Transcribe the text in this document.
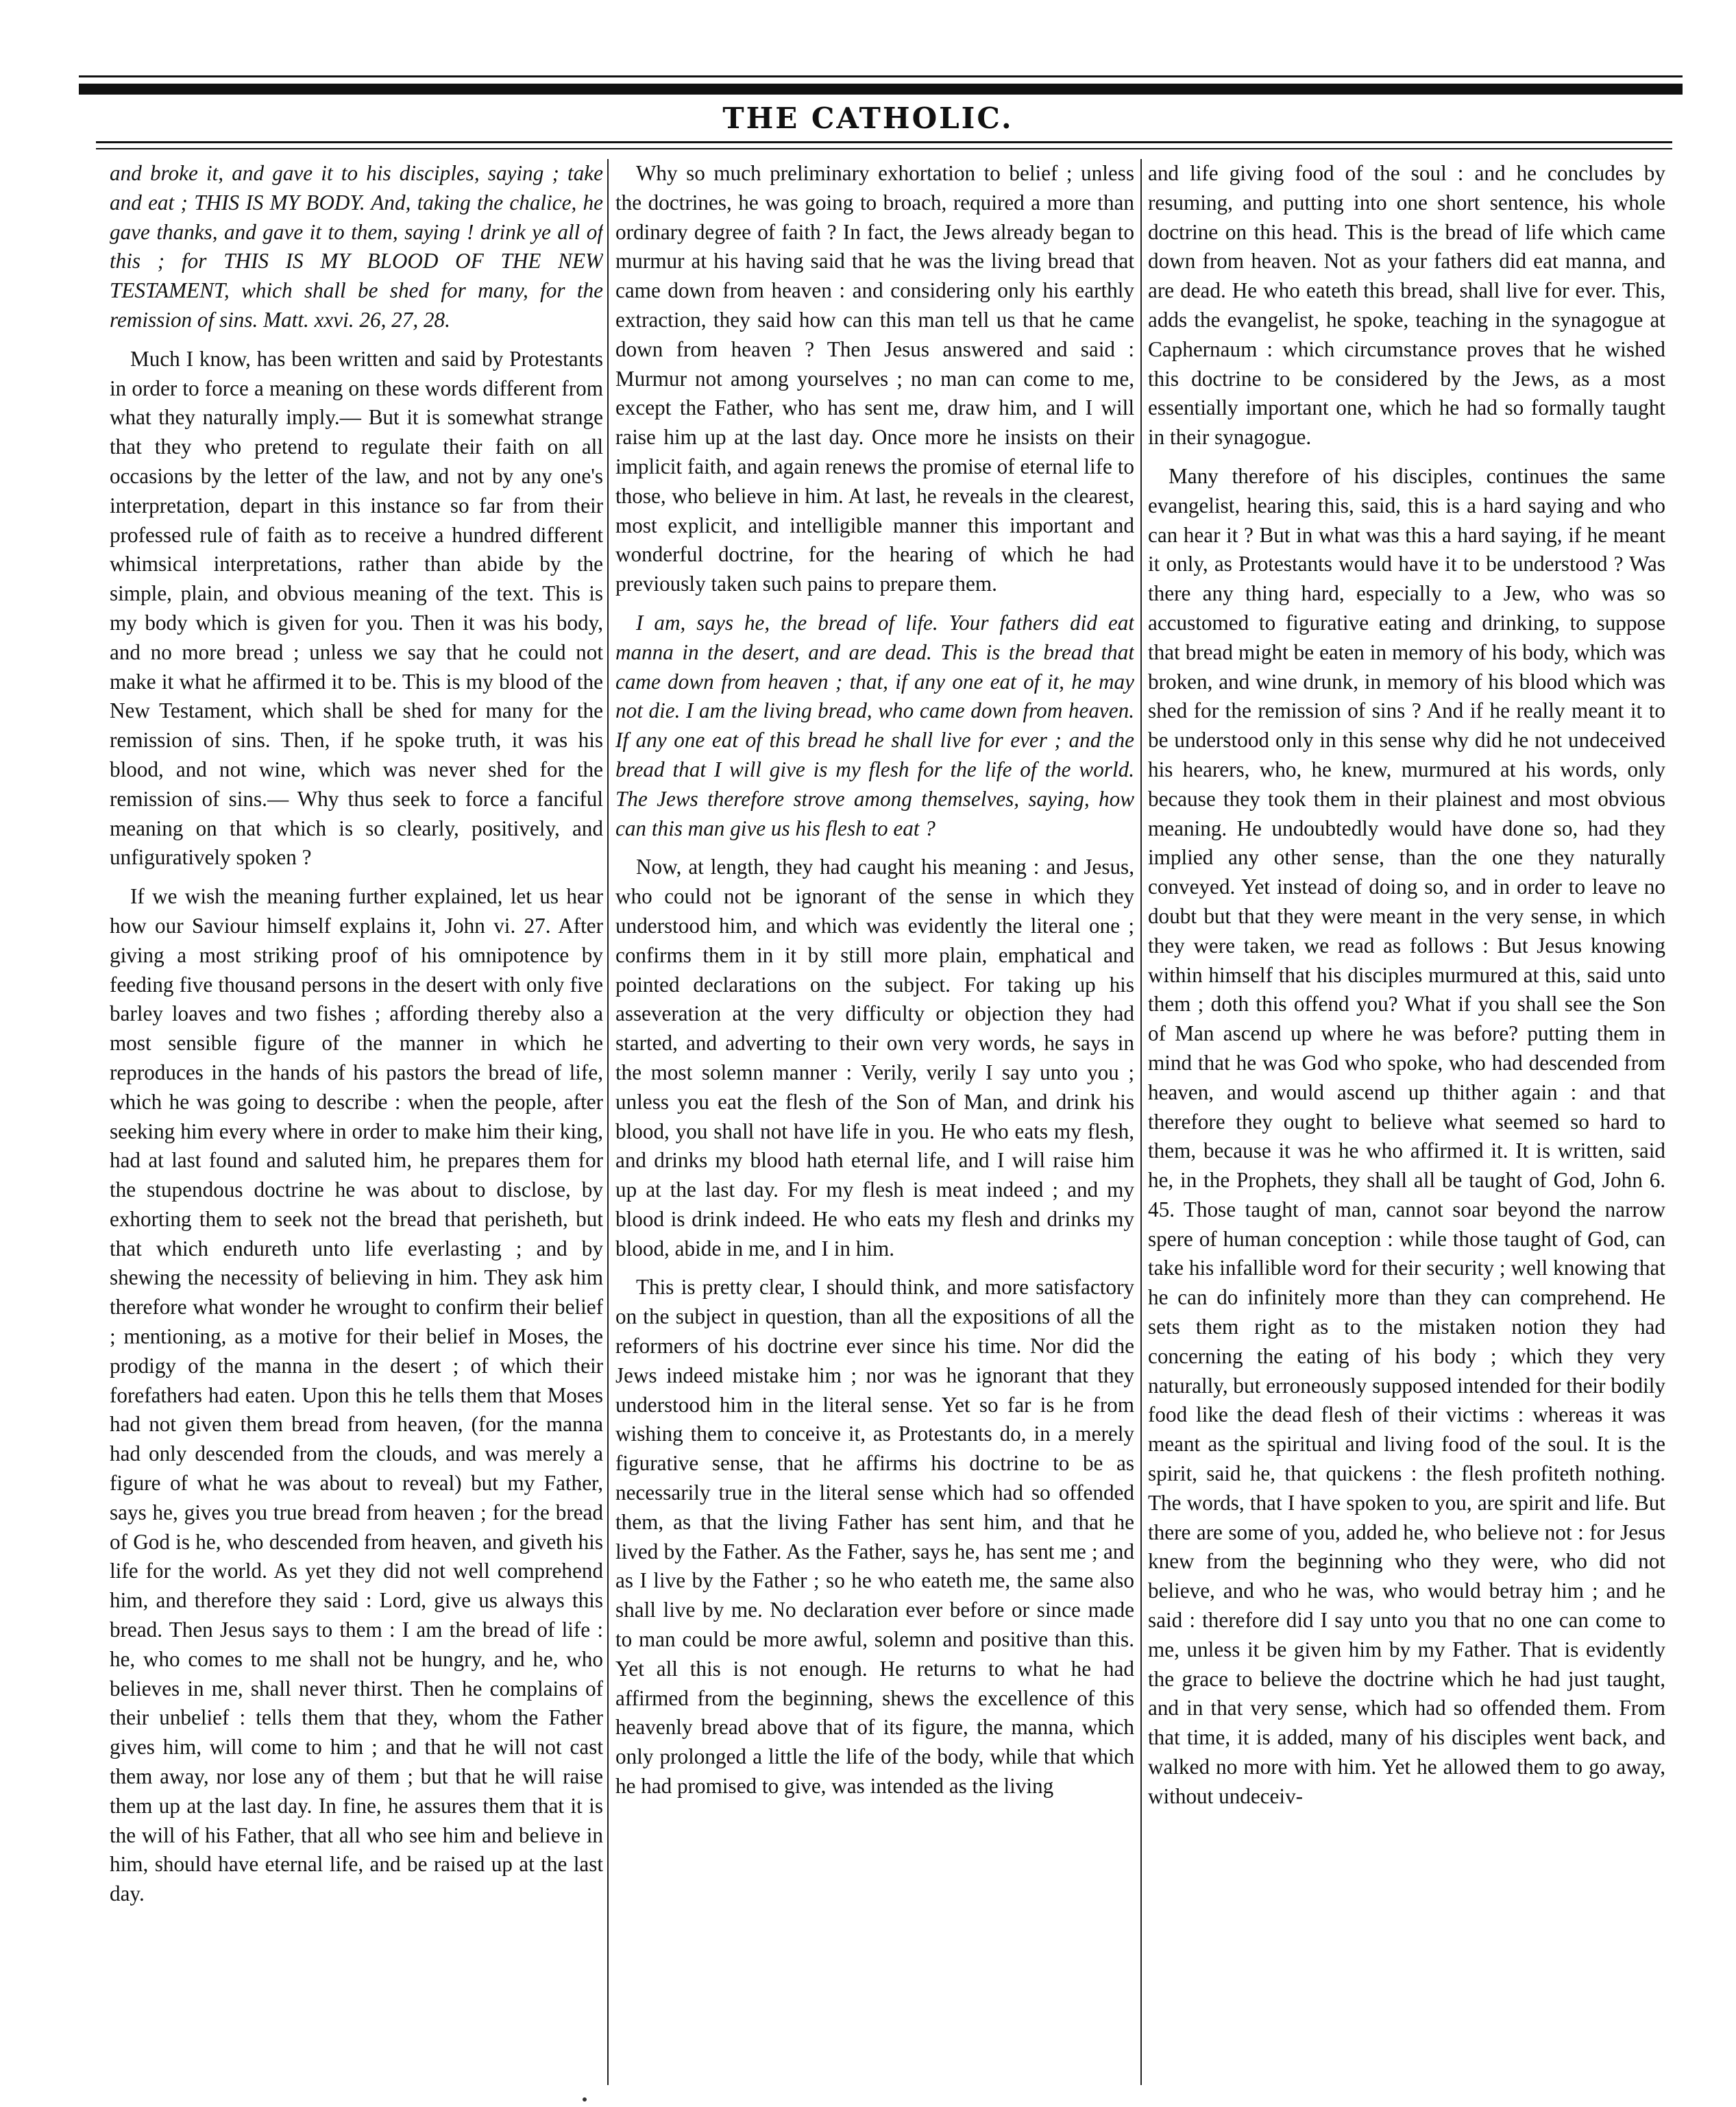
THE CATHOLIC.

and broke it, and gave it to his disciples, saying ; take and eat ; THIS IS MY BODY. And, taking the chalice, he gave thanks, and gave it to them, saying ! drink ye all of this ; for THIS IS MY BLOOD OF THE NEW TESTAMENT, which shall be shed for many, for the remission of sins. Matt. xxvi. 26, 27, 28.

Much I know, has been written and said by Protestants in order to force a meaning on these words different from what they naturally imply.— But it is somewhat strange that they who pretend to regulate their faith on all occasions by the letter of the law, and not by any one's interpretation, depart in this instance so far from their professed rule of faith as to receive a hundred different whimsical interpretations, rather than abide by the simple, plain, and obvious meaning of the text. This is my body which is given for you. Then it was his body, and no more bread ; unless we say that he could not make it what he affirmed it to be. This is my blood of the New Testament, which shall be shed for many for the remission of sins. Then, if he spoke truth, it was his blood, and not wine, which was never shed for the remission of sins.— Why thus seek to force a fanciful meaning on that which is so clearly, positively, and unfiguratively spoken ?

If we wish the meaning further explained, let us hear how our Saviour himself explains it, John vi. 27. After giving a most striking proof of his omnipotence by feeding five thousand persons in the desert with only five barley loaves and two fishes ; affording thereby also a most sensible figure of the manner in which he reproduces in the hands of his pastors the bread of life, which he was going to describe : when the people, after seeking him every where in order to make him their king, had at last found and saluted him, he prepares them for the stupendous doctrine he was about to disclose, by exhorting them to seek not the bread that perisheth, but that which endureth unto life everlasting ; and by shewing the necessity of believing in him. They ask him therefore what wonder he wrought to confirm their belief ; mentioning, as a motive for their belief in Moses, the prodigy of the manna in the desert ; of which their forefathers had eaten. Upon this he tells them that Moses had not given them bread from heaven, (for the manna had only descended from the clouds, and was merely a figure of what he was about to reveal) but my Father, says he, gives you true bread from heaven ; for the bread of God is he, who descended from heaven, and giveth his life for the world. As yet they did not well comprehend him, and therefore they said : Lord, give us always this bread. Then Jesus says to them : I am the bread of life : he, who comes to me shall not be hungry, and he, who believes in me, shall never thirst. Then he complains of their unbelief : tells them that they, whom the Father gives him, will come to him ; and that he will not cast them away, nor lose any of them ; but that he will raise them up at the last day. In fine, he assures them that it is the will of his Father, that all who see him and believe in him, should have eternal life, and be raised up at the last day.

Why so much preliminary exhortation to belief ; unless the doctrines, he was going to broach, required a more than ordinary degree of faith ? In fact, the Jews already began to murmur at his having said that he was the living bread that came down from heaven : and considering only his earthly extraction, they said how can this man tell us that he came down from heaven ? Then Jesus answered and said : Murmur not among yourselves ; no man can come to me, except the Father, who has sent me, draw him, and I will raise him up at the last day. Once more he insists on their implicit faith, and again renews the promise of eternal life to those, who believe in him. At last, he reveals in the clearest, most explicit, and intelligible manner this important and wonderful doctrine, for the hearing of which he had previously taken such pains to prepare them.

I am, says he, the bread of life. Your fathers did eat manna in the desert, and are dead. This is the bread that came down from heaven ; that, if any one eat of it, he may not die. I am the living bread, who came down from heaven. If any one eat of this bread he shall live for ever ; and the bread that I will give is my flesh for the life of the world. The Jews therefore strove among themselves, saying, how can this man give us his flesh to eat ?

Now, at length, they had caught his meaning : and Jesus, who could not be ignorant of the sense in which they understood him, and which was evidently the literal one ; confirms them in it by still more plain, emphatical and pointed declarations on the subject. For taking up his asseveration at the very difficulty or objection they had started, and adverting to their own very words, he says in the most solemn manner : Verily, verily I say unto you ; unless you eat the flesh of the Son of Man, and drink his blood, you shall not have life in you. He who eats my flesh, and drinks my blood hath eternal life, and I will raise him up at the last day. For my flesh is meat indeed ; and my blood is drink indeed. He who eats my flesh and drinks my blood, abide in me, and I in him.

This is pretty clear, I should think, and more satisfactory on the subject in question, than all the expositions of all the reformers of his doctrine ever since his time. Nor did the Jews indeed mistake him ; nor was he ignorant that they understood him in the literal sense. Yet so far is he from wishing them to conceive it, as Protestants do, in a merely figurative sense, that he affirms his doctrine to be as necessarily true in the literal sense which had so offended them, as that the living Father has sent him, and that he lived by the Father. As the Father, says he, has sent me ; and as I live by the Father ; so he who eateth me, the same also shall live by me. No declaration ever before or since made to man could be more awful, solemn and positive than this. Yet all this is not enough. He returns to what he had affirmed from the beginning, shews the excellence of this heavenly bread above that of its figure, the manna, which only prolonged a little the life of the body, while that which he had promised to give, was intended as the living

and life giving food of the soul : and he concludes by resuming, and putting into one short sentence, his whole doctrine on this head. This is the bread of life which came down from heaven. Not as your fathers did eat manna, and are dead. He who eateth this bread, shall live for ever. This, adds the evangelist, he spoke, teaching in the synagogue at Caphernaum : which circumstance proves that he wished this doctrine to be considered by the Jews, as a most essentially important one, which he had so formally taught in their synagogue.

Many therefore of his disciples, continues the same evangelist, hearing this, said, this is a hard saying and who can hear it ? But in what was this a hard saying, if he meant it only, as Protestants would have it to be understood ? Was there any thing hard, especially to a Jew, who was so accustomed to figurative eating and drinking, to suppose that bread might be eaten in memory of his body, which was broken, and wine drunk, in memory of his blood which was shed for the remission of sins ? And if he really meant it to be understood only in this sense why did he not undeceived his hearers, who, he knew, murmured at his words, only because they took them in their plainest and most obvious meaning. He undoubtedly would have done so, had they implied any other sense, than the one they naturally conveyed. Yet instead of doing so, and in order to leave no doubt but that they were meant in the very sense, in which they were taken, we read as follows : But Jesus knowing within himself that his disciples murmured at this, said unto them ; doth this offend you? What if you shall see the Son of Man ascend up where he was before? putting them in mind that he was God who spoke, who had descended from heaven, and would ascend up thither again : and that therefore they ought to believe what seemed so hard to them, because it was he who affirmed it. It is written, said he, in the Prophets, they shall all be taught of God, John 6. 45. Those taught of man, cannot soar beyond the narrow spere of human conception : while those taught of God, can take his infallible word for their security ; well knowing that he can do infinitely more than they can comprehend. He sets them right as to the mistaken notion they had concerning the eating of his body ; which they very naturally, but erroneously supposed intended for their bodily food like the dead flesh of their victims : whereas it was meant as the spiritual and living food of the soul. It is the spirit, said he, that quickens : the flesh profiteth nothing. The words, that I have spoken to you, are spirit and life. But there are some of you, added he, who believe not : for Jesus knew from the beginning who they were, who did not believe, and who he was, who would betray him ; and he said : therefore did I say unto you that no one can come to me, unless it be given him by my Father. That is evidently the grace to believe the doctrine which he had just taught, and in that very sense, which had so offended them. From that time, it is added, many of his disciples went back, and walked no more with him. Yet he allowed them to go away, without undeceiv-
